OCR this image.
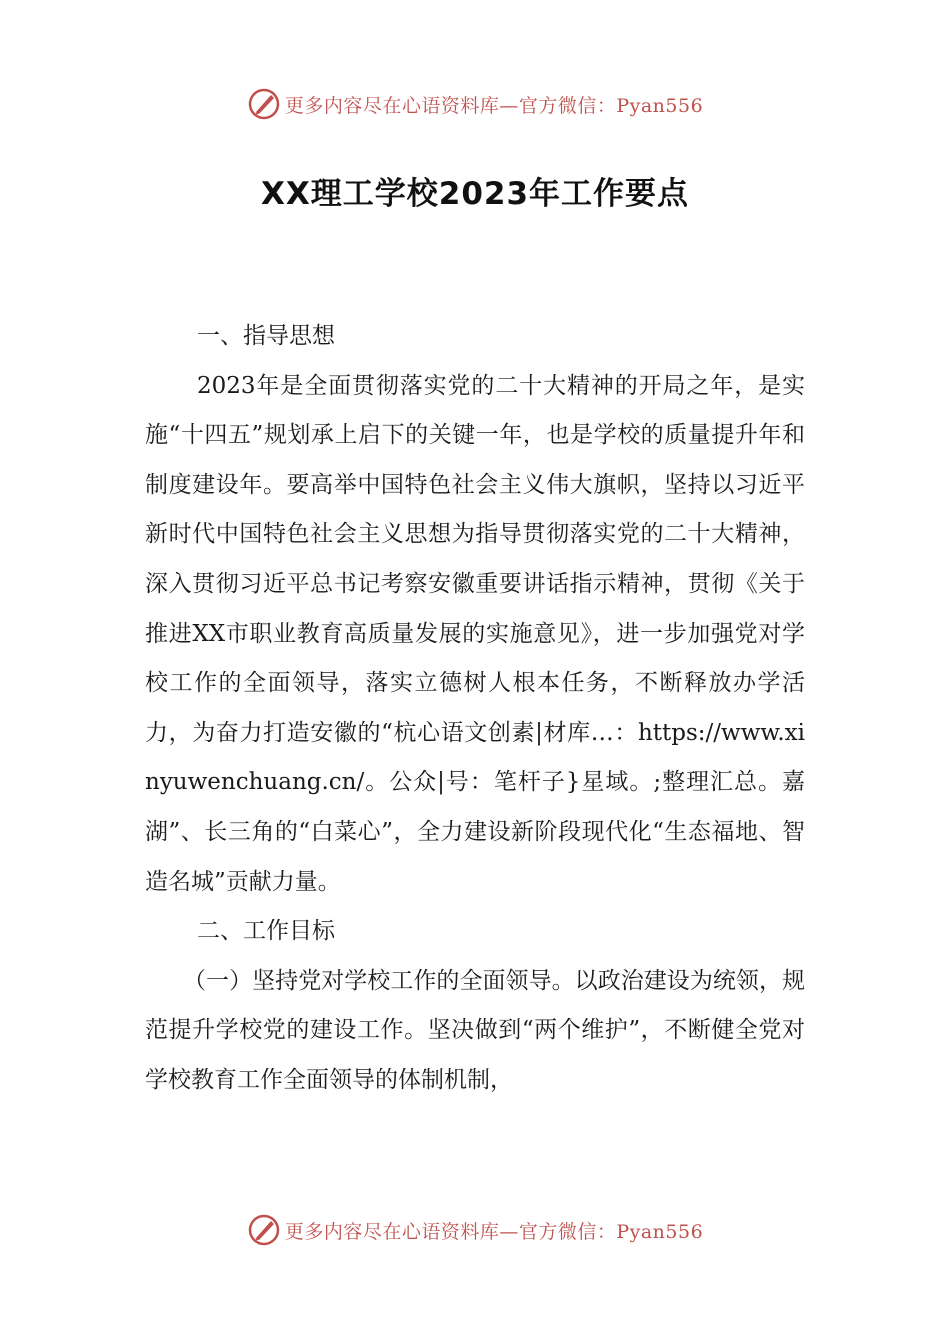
更多内容尽在心语资料库—官方微信：Pyan556
XX理工学校2023年工作要点

一、指导思想

2023年是全面贯彻落实党的二十大精神的开局之年，是实施“十四五”规划承上启下的关键一年，也是学校的质量提升年和制度建设年。要高举中国特色社会主义伟大旗帜，坚持以习近平新时代中国特色社会主义思想为指导贯彻落实党的二十大精神，深入贯彻习近平总书记考察安徽重要讲话指示精神，贯彻《关于推进XX市职业教育高质量发展的实施意见》，进一步加强党对学校工作的全面领导，落实立德树人根本任务，不断释放办学活力，为奋力打造安徽的“杭心语文创素|材库…：https://www.xinyuwenchuang.cn/。公众|号：笔杆子}星域。;整理汇总。嘉湖”、长三角的“白菜心”，全力建设新阶段现代化“生态福地、智造名城”贡献力量。

二、工作目标

（一）坚持党对学校工作的全面领导。以政治建设为统领，规范提升学校党的建设工作。坚决做到“两个维护”，不断健全党对学校教育工作全面领导的体制机制，

更多内容尽在心语资料库—官方微信：Pyan556
